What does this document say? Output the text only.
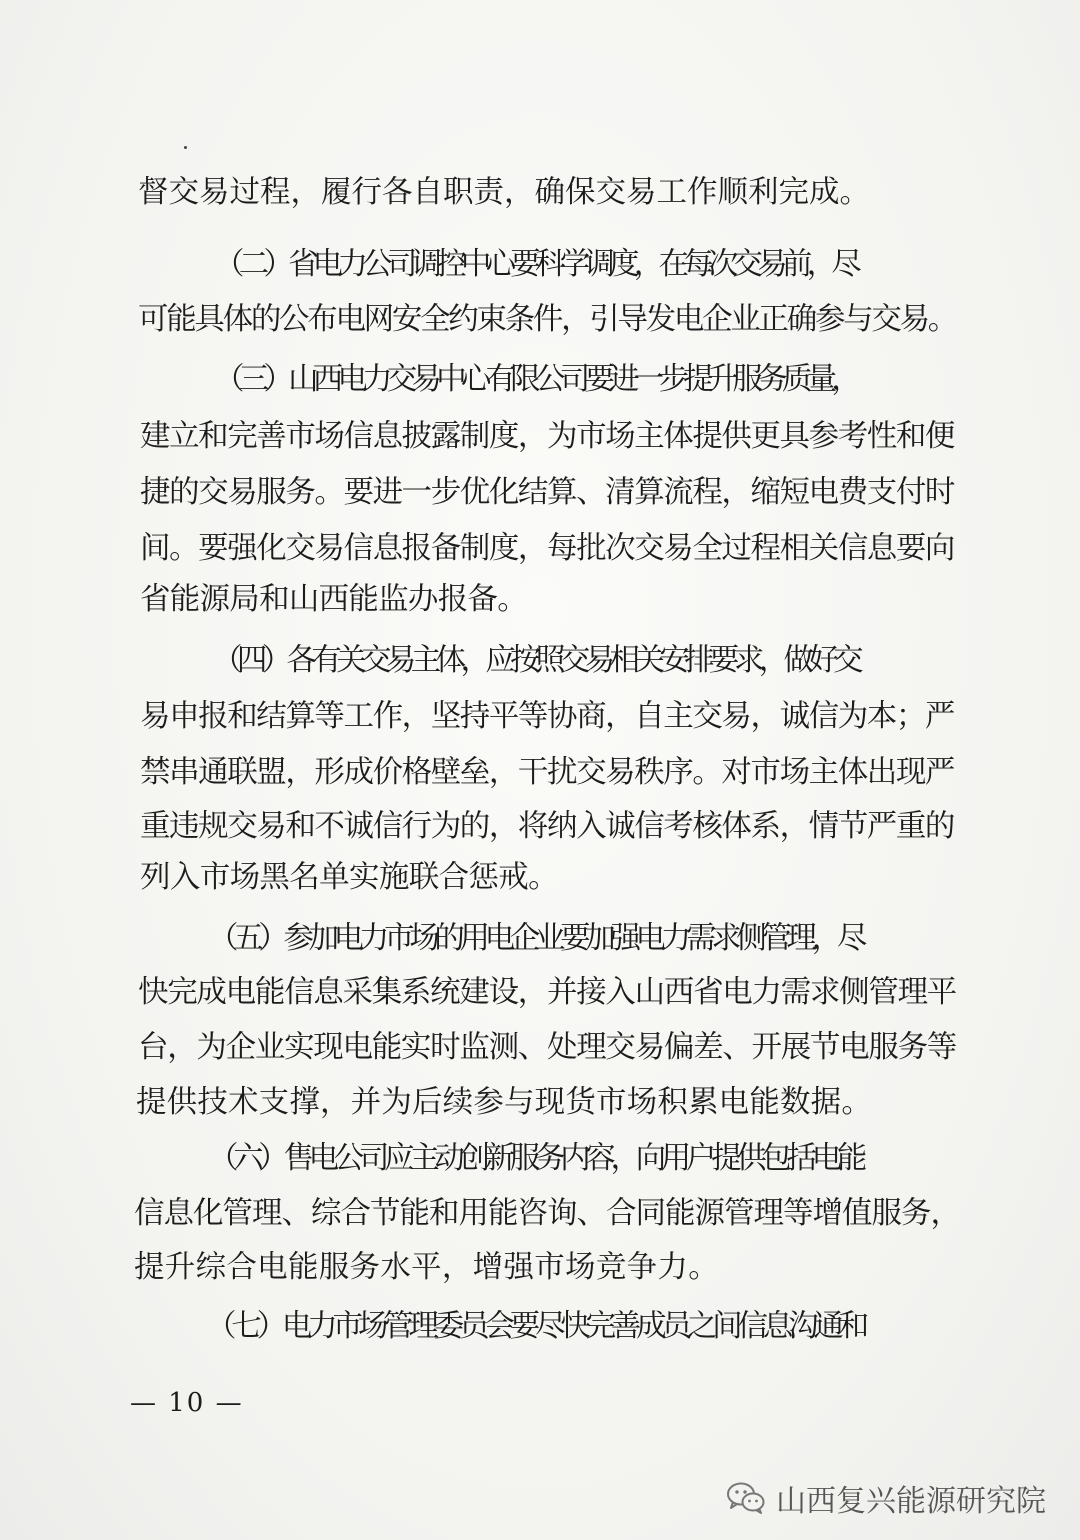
督交易过程，履行各自职责，确保交易工作顺利完成。
（二）省电力公司调控中心要科学调度，在每次交易前，尽
可能具体的公布电网安全约束条件，引导发电企业正确参与交易。
（三）山西电力交易中心有限公司要进一步提升服务质量，
建立和完善市场信息披露制度，为市场主体提供更具参考性和便
捷的交易服务。要进一步优化结算、清算流程，缩短电费支付时
间。要强化交易信息报备制度，每批次交易全过程相关信息要向
省能源局和山西能监办报备。
（四）各有关交易主体，应按照交易相关安排要求，做好交
易申报和结算等工作，坚持平等协商，自主交易，诚信为本；严
禁串通联盟，形成价格壁垒，干扰交易秩序。对市场主体出现严
重违规交易和不诚信行为的，将纳入诚信考核体系，情节严重的
列入市场黑名单实施联合惩戒。
（五）参加电力市场的用电企业要加强电力需求侧管理，尽
快完成电能信息采集系统建设，并接入山西省电力需求侧管理平
台，为企业实现电能实时监测、处理交易偏差、开展节电服务等
提供技术支撑，并为后续参与现货市场积累电能数据。
（六）售电公司应主动创新服务内容，向用户提供包括电能
信息化管理、综合节能和用能咨询、合同能源管理等增值服务，
提升综合电能服务水平，增强市场竞争力。
（七）电力市场管理委员会要尽快完善成员之间信息沟通和
— 10 —
山西复兴能源研究院
